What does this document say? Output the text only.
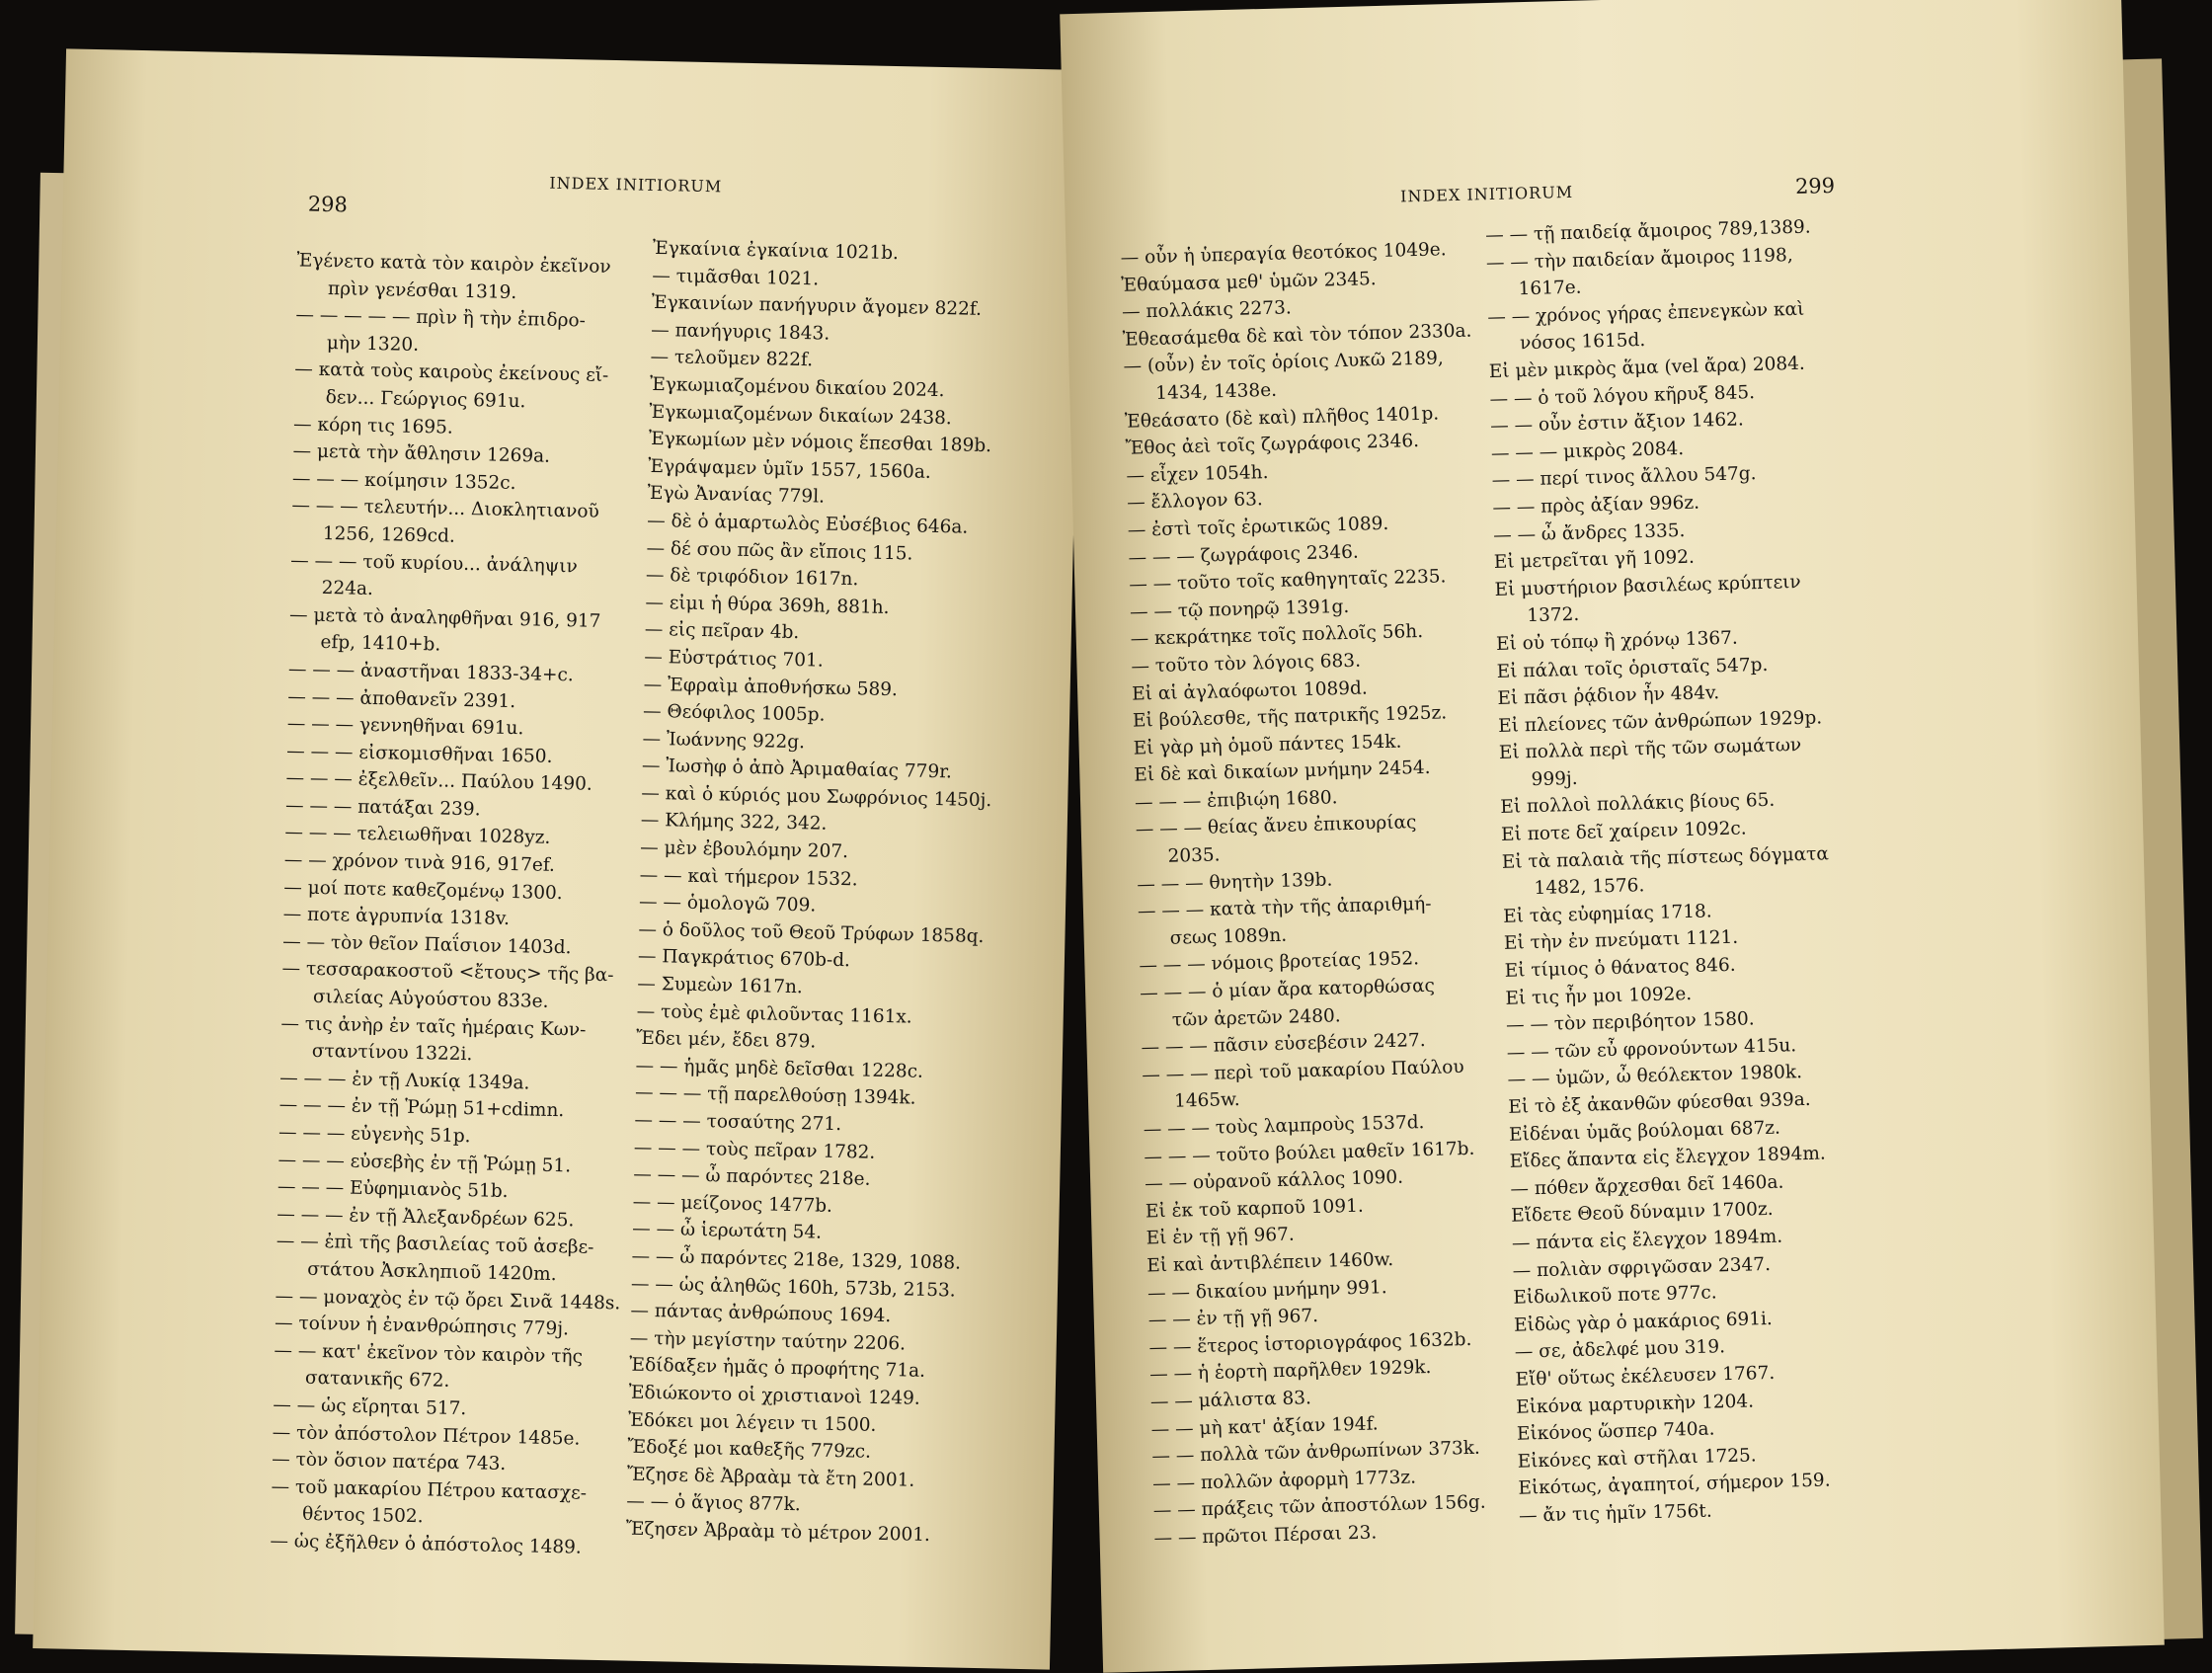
298
INDEX INITIORUM
Ἐγένετο κατὰ τὸν καιρὸν ἐκεῖνον
πρὶν γενέσθαι 1319.
— — — — — πρὶν ἢ τὴν ἐπιδρο-
μὴν 1320.
— κατὰ τοὺς καιροὺς ἐκείνους εἴ-
δεν... Γεώργιος 691u.
— κόρη τις 1695.
— μετὰ τὴν ἄθλησιν 1269a.
— — — κοίμησιν 1352c.
— — — τελευτήν... Διοκλητιανοῦ
1256, 1269cd.
— — — τοῦ κυρίου... ἀνάληψιν
224a.
— μετὰ τὸ ἀναληφθῆναι 916, 917
efp, 1410+b.
— — — ἀναστῆναι 1833-34+c.
— — — ἀποθανεῖν 2391.
— — — γεννηθῆναι 691u.
— — — εἰσκομισθῆναι 1650.
— — — ἐξελθεῖν... Παύλου 1490.
— — — πατάξαι 239.
— — — τελειωθῆναι 1028yz.
— — χρόνον τινὰ 916, 917ef.
— μοί ποτε καθεζομένῳ 1300.
— ποτε ἀγρυπνία 1318v.
— — τὸν θεῖον Παΐσιον 1403d.
— τεσσαρακοστοῦ <ἔτους> τῆς βα-
σιλείας Αὐγούστου 833e.
— τις ἀνὴρ ἐν ταῖς ἡμέραις Κων-
σταντίνου 1322i.
— — — ἐν τῇ Λυκίᾳ 1349a.
— — — ἐν τῇ Ῥώμῃ 51+cdimn.
— — — εὐγενὴς 51p.
— — — εὐσεβὴς ἐν τῇ Ῥώμῃ 51.
— — — Εὐφημιανὸς 51b.
— — — ἐν τῇ Ἀλεξανδρέων 625.
— — ἐπὶ τῆς βασιλείας τοῦ ἀσεβε-
στάτου Ἀσκληπιοῦ 1420m.
— — μοναχὸς ἐν τῷ ὄρει Σινᾶ 1448s.
— τοίνυν ἡ ἐνανθρώπησις 779j.
— — κατ' ἐκεῖνον τὸν καιρὸν τῆς
σατανικῆς 672.
— — ὡς εἴρηται 517.
— τὸν ἀπόστολον Πέτρον 1485e.
— τὸν ὅσιον πατέρα 743.
— τοῦ μακαρίου Πέτρου κατασχε-
θέντος 1502.
— ὡς ἐξῆλθεν ὁ ἀπόστολος 1489.
Ἐγκαίνια ἐγκαίνια 1021b.
— τιμᾶσθαι 1021.
Ἐγκαινίων πανήγυριν ἄγομεν 822f.
— πανήγυρις 1843.
— τελοῦμεν 822f.
Ἐγκωμιαζομένου δικαίου 2024.
Ἐγκωμιαζομένων δικαίων 2438.
Ἐγκωμίων μὲν νόμοις ἕπεσθαι 189b.
Ἐγράψαμεν ὑμῖν 1557, 1560a.
Ἐγὼ Ἀνανίας 779l.
— δὲ ὁ ἁμαρτωλὸς Εὐσέβιος 646a.
— δέ σου πῶς ἂν εἴποις 115.
— δὲ τριφόδιον 1617n.
— εἰμι ἡ θύρα 369h, 881h.
— εἰς πεῖραν 4b.
— Εὐστράτιος 701.
— Ἐφραὶμ ἀποθνήσκω 589.
— Θεόφιλος 1005p.
— Ἰωάννης 922g.
— Ἰωσὴφ ὁ ἀπὸ Ἀριμαθαίας 779r.
— καὶ ὁ κύριός μου Σωφρόνιος 1450j.
— Κλήμης 322, 342.
— μὲν ἐβουλόμην 207.
— — καὶ τήμερον 1532.
— — ὁμολογῶ 709.
— ὁ δοῦλος τοῦ Θεοῦ Τρύφων 1858q.
— Παγκράτιος 670b-d.
— Συμεὼν 1617n.
— τοὺς ἐμὲ φιλοῦντας 1161x.
Ἔδει μέν, ἔδει 879.
— — ἡμᾶς μηδὲ δεῖσθαι 1228c.
— — — τῇ παρελθούσῃ 1394k.
— — — τοσαύτης 271.
— — — τοὺς πεῖραν 1782.
— — — ὦ παρόντες 218e.
— — μείζονος 1477b.
— — ὦ ἱερωτάτη 54.
— — ὦ παρόντες 218e, 1329, 1088.
— — ὡς ἀληθῶς 160h, 573b, 2153.
— πάντας ἀνθρώπους 1694.
— τὴν μεγίστην ταύτην 2206.
Ἐδίδαξεν ἡμᾶς ὁ προφήτης 71a.
Ἐδιώκοντο οἱ χριστιανοὶ 1249.
Ἐδόκει μοι λέγειν τι 1500.
Ἔδοξέ μοι καθεξῆς 779zc.
Ἔζησε δὲ Ἀβραὰμ τὰ ἔτη 2001.
— — ὁ ἅγιος 877k.
Ἔζησεν Ἀβραὰμ τὸ μέτρον 2001.
299
INDEX INITIORUM
— οὖν ἡ ὑπεραγία θεοτόκος 1049e.
Ἐθαύμασα μεθ' ὑμῶν 2345.
— πολλάκις 2273.
Ἐθεασάμεθα δὲ καὶ τὸν τόπον 2330a.
— (οὖν) ἐν τοῖς ὁρίοις Λυκῶ 2189,
1434, 1438e.
Ἐθεάσατο (δὲ καὶ) πλῆθος 1401p.
Ἔθος ἀεὶ τοῖς ζωγράφοις 2346.
— εἶχεν 1054h.
— ἔλλογον 63.
— ἐστὶ τοῖς ἐρωτικῶς 1089.
— — — ζωγράφοις 2346.
— — τοῦτο τοῖς καθηγηταῖς 2235.
— — τῷ πονηρῷ 1391g.
— κεκράτηκε τοῖς πολλοῖς 56h.
— τοῦτο τὸν λόγοις 683.
Εἰ αἱ ἀγλαόφωτοι 1089d.
Εἰ βούλεσθε, τῆς πατρικῆς 1925z.
Εἰ γὰρ μὴ ὁμοῦ πάντες 154k.
Εἰ δὲ καὶ δικαίων μνήμην 2454.
— — — ἐπιβιῴη 1680.
— — — θείας ἄνευ ἐπικουρίας
2035.
— — — θνητὴν 139b.
— — — κατὰ τὴν τῆς ἀπαριθμή-
σεως 1089n.
— — — νόμοις βροτείας 1952.
— — — ὁ μίαν ἄρα κατορθώσας
τῶν ἀρετῶν 2480.
— — — πᾶσιν εὐσεβέσιν 2427.
— — — περὶ τοῦ μακαρίου Παύλου
1465w.
— — — τοὺς λαμπροὺς 1537d.
— — — τοῦτο βούλει μαθεῖν 1617b.
— — οὐρανοῦ κάλλος 1090.
Εἰ ἐκ τοῦ καρποῦ 1091.
Εἰ ἐν τῇ γῇ 967.
Εἰ καὶ ἀντιβλέπειν 1460w.
— — δικαίου μνήμην 991.
— — ἐν τῇ γῇ 967.
— — ἕτερος ἱστοριογράφος 1632b.
— — ἡ ἑορτὴ παρῆλθεν 1929k.
— — μάλιστα 83.
— — μὴ κατ' ἀξίαν 194f.
— — πολλὰ τῶν ἀνθρωπίνων 373k.
— — πολλῶν ἀφορμὴ 1773z.
— — πράξεις τῶν ἀποστόλων 156g.
— — πρῶτοι Πέρσαι 23.
— — τῇ παιδείᾳ ἄμοιρος 789,1389.
— — τὴν παιδείαν ἄμοιρος 1198,
1617e.
— — χρόνος γήρας ἐπενεγκὼν καὶ
νόσος 1615d.
Εἰ μὲν μικρὸς ἅμα (vel ἄρα) 2084.
— — ὁ τοῦ λόγου κῆρυξ 845.
— — οὖν ἐστιν ἄξιον 1462.
— — — μικρὸς 2084.
— — περί τινος ἄλλου 547g.
— — πρὸς ἀξίαν 996z.
— — ὦ ἄνδρες 1335.
Εἰ μετρεῖται γῆ 1092.
Εἰ μυστήριον βασιλέως κρύπτειν
1372.
Εἰ οὐ τόπῳ ἢ χρόνῳ 1367.
Εἰ πάλαι τοῖς ὁρισταῖς 547p.
Εἰ πᾶσι ῥᾴδιον ἦν 484v.
Εἰ πλείονες τῶν ἀνθρώπων 1929p.
Εἰ πολλὰ περὶ τῆς τῶν σωμάτων
999j.
Εἰ πολλοὶ πολλάκις βίους 65.
Εἰ ποτε δεῖ χαίρειν 1092c.
Εἰ τὰ παλαιὰ τῆς πίστεως δόγματα
1482, 1576.
Εἰ τὰς εὐφημίας 1718.
Εἰ τὴν ἐν πνεύματι 1121.
Εἰ τίμιος ὁ θάνατος 846.
Εἰ τις ἦν μοι 1092e.
— — τὸν περιβόητον 1580.
— — τῶν εὖ φρονούντων 415u.
— — ὑμῶν, ὦ θεόλεκτον 1980k.
Εἰ τὸ ἐξ ἀκανθῶν φύεσθαι 939a.
Εἰδέναι ὑμᾶς βούλομαι 687z.
Εἴδες ἅπαντα εἰς ἔλεγχον 1894m.
— πόθεν ἄρχεσθαι δεῖ 1460a.
Εἴδετε Θεοῦ δύναμιν 1700z.
— πάντα εἰς ἔλεγχον 1894m.
— πολιὰν σφριγῶσαν 2347.
Εἰδωλικοῦ ποτε 977c.
Εἰδὼς γὰρ ὁ μακάριος 691i.
— σε, ἀδελφέ μου 319.
Εἴθ' οὕτως ἐκέλευσεν 1767.
Εἰκόνα μαρτυρικὴν 1204.
Εἰκόνος ὥσπερ 740a.
Εἰκόνες καὶ στῆλαι 1725.
Εἰκότως, ἀγαπητοί, σήμερον 159.
— ἄν τις ἡμῖν 1756t.
